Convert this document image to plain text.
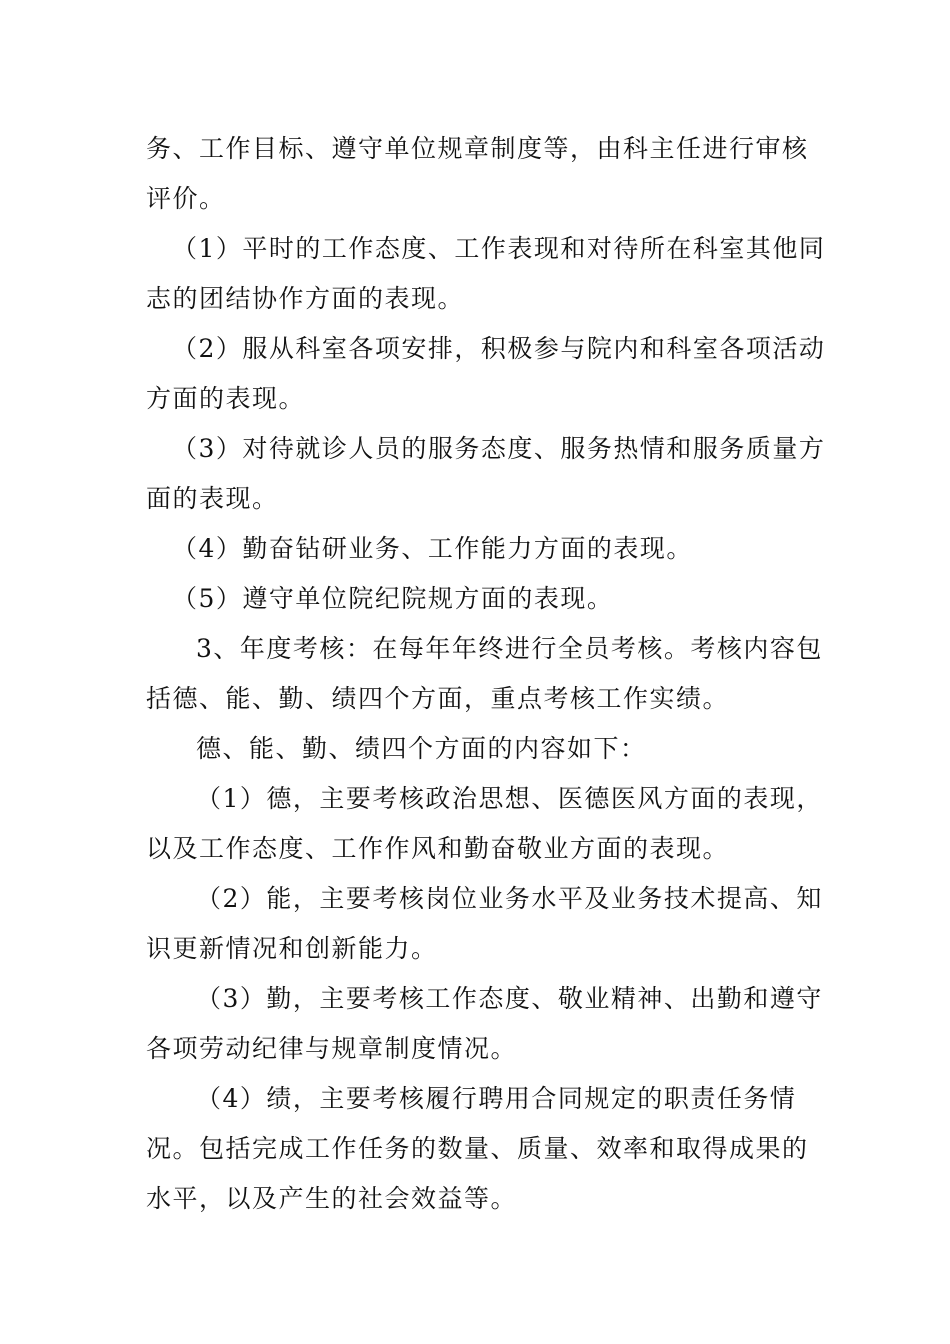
务、工作目标、遵守单位规章制度等，由科主任进行审核
评价。
（1）平时的工作态度、工作表现和对待所在科室其他同
志的团结协作方面的表现。
（2）服从科室各项安排，积极参与院内和科室各项活动
方面的表现。
（3）对待就诊人员的服务态度、服务热情和服务质量方
面的表现。
（4）勤奋钻研业务、工作能力方面的表现。
（5）遵守单位院纪院规方面的表现。
3、年度考核：在每年年终进行全员考核。考核内容包
括德、能、勤、绩四个方面，重点考核工作实绩。
德、能、勤、绩四个方面的内容如下：
（1）德，主要考核政治思想、医德医风方面的表现，
以及工作态度、工作作风和勤奋敬业方面的表现。
（2）能，主要考核岗位业务水平及业务技术提高、知
识更新情况和创新能力。
（3）勤，主要考核工作态度、敬业精神、出勤和遵守
各项劳动纪律与规章制度情况。
（4）绩，主要考核履行聘用合同规定的职责任务情
况。包括完成工作任务的数量、质量、效率和取得成果的
水平，以及产生的社会效益等。
